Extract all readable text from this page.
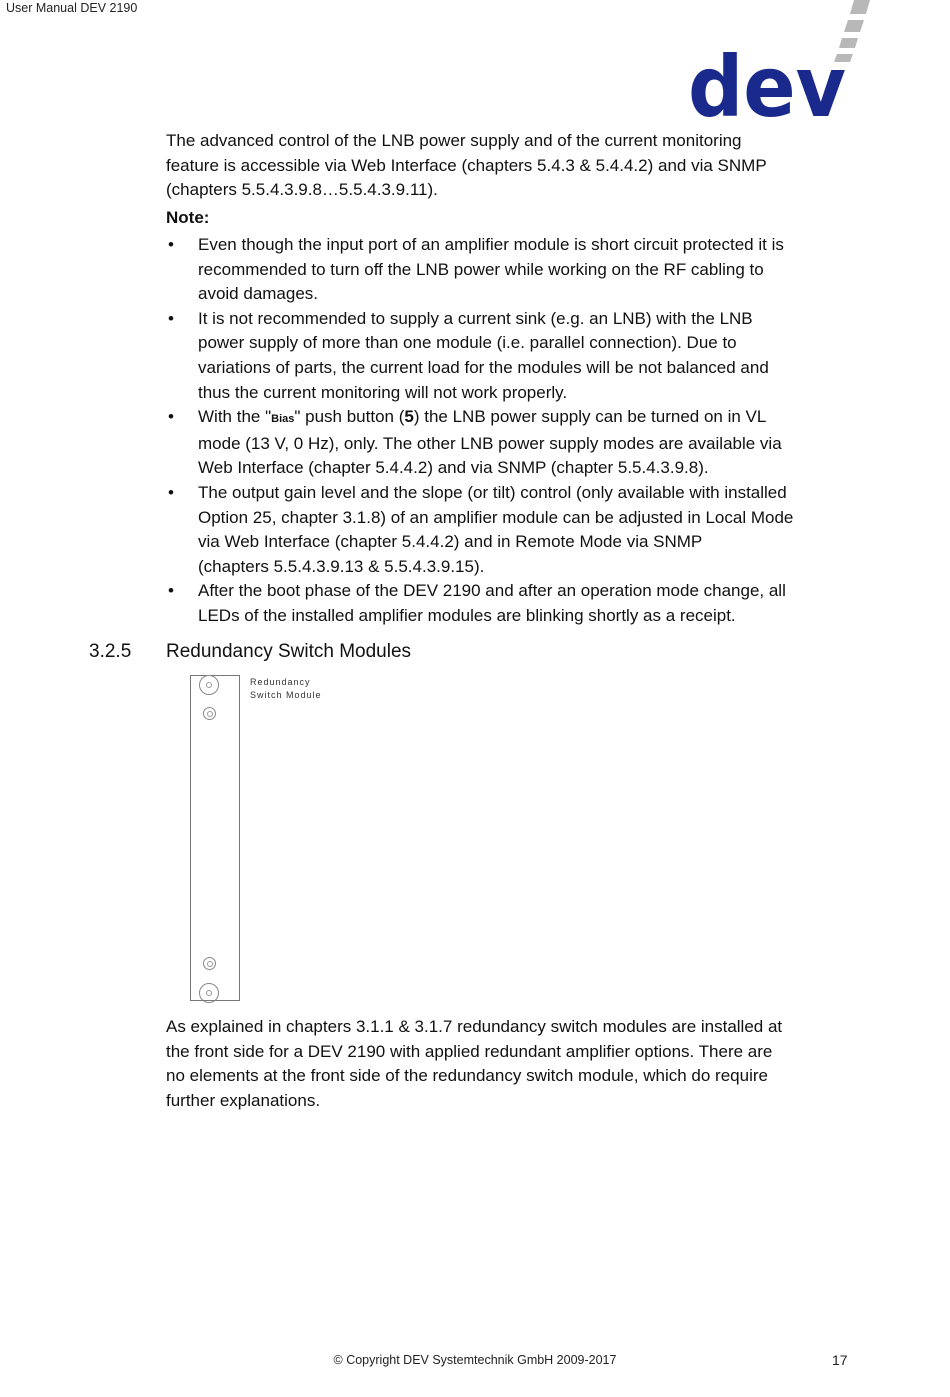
User Manual DEV 2190
dev

The advanced control of the LNB power supply and of the current monitoring
feature is accessible via Web Interface (chapters 5.4.3 & 5.4.4.2) and via SNMP
(chapters 5.5.4.3.9.8…5.5.4.3.9.11).

Note:
• Even though the input port of an amplifier module is short circuit protected it is
recommended to turn off the LNB power while working on the RF cabling to
avoid damages.
• It is not recommended to supply a current sink (e.g. an LNB) with the LNB
power supply of more than one module (i.e. parallel connection). Due to
variations of parts, the current load for the modules will be not balanced and
thus the current monitoring will not work properly.
• With the "Bias" push button (5) the LNB power supply can be turned on in VL
mode (13 V, 0 Hz), only. The other LNB power supply modes are available via
Web Interface (chapter 5.4.4.2) and via SNMP (chapter 5.5.4.3.9.8).
• The output gain level and the slope (or tilt) control (only available with installed
Option 25, chapter 3.1.8) of an amplifier module can be adjusted in Local Mode
via Web Interface (chapter 5.4.4.2) and in Remote Mode via SNMP
(chapters 5.5.4.3.9.13 & 5.5.4.3.9.15).
• After the boot phase of the DEV 2190 and after an operation mode change, all
LEDs of the installed amplifier modules are blinking shortly as a receipt.
3.2.5 Redundancy Switch Modules
Redundancy
Switch Module

As explained in chapters 3.1.1 & 3.1.7 redundancy switch modules are installed at
the front side for a DEV 2190 with applied redundant amplifier options. There are
no elements at the front side of the redundancy switch module, which do require
further explanations.

© Copyright DEV Systemtechnik GmbH 2009-2017	17
